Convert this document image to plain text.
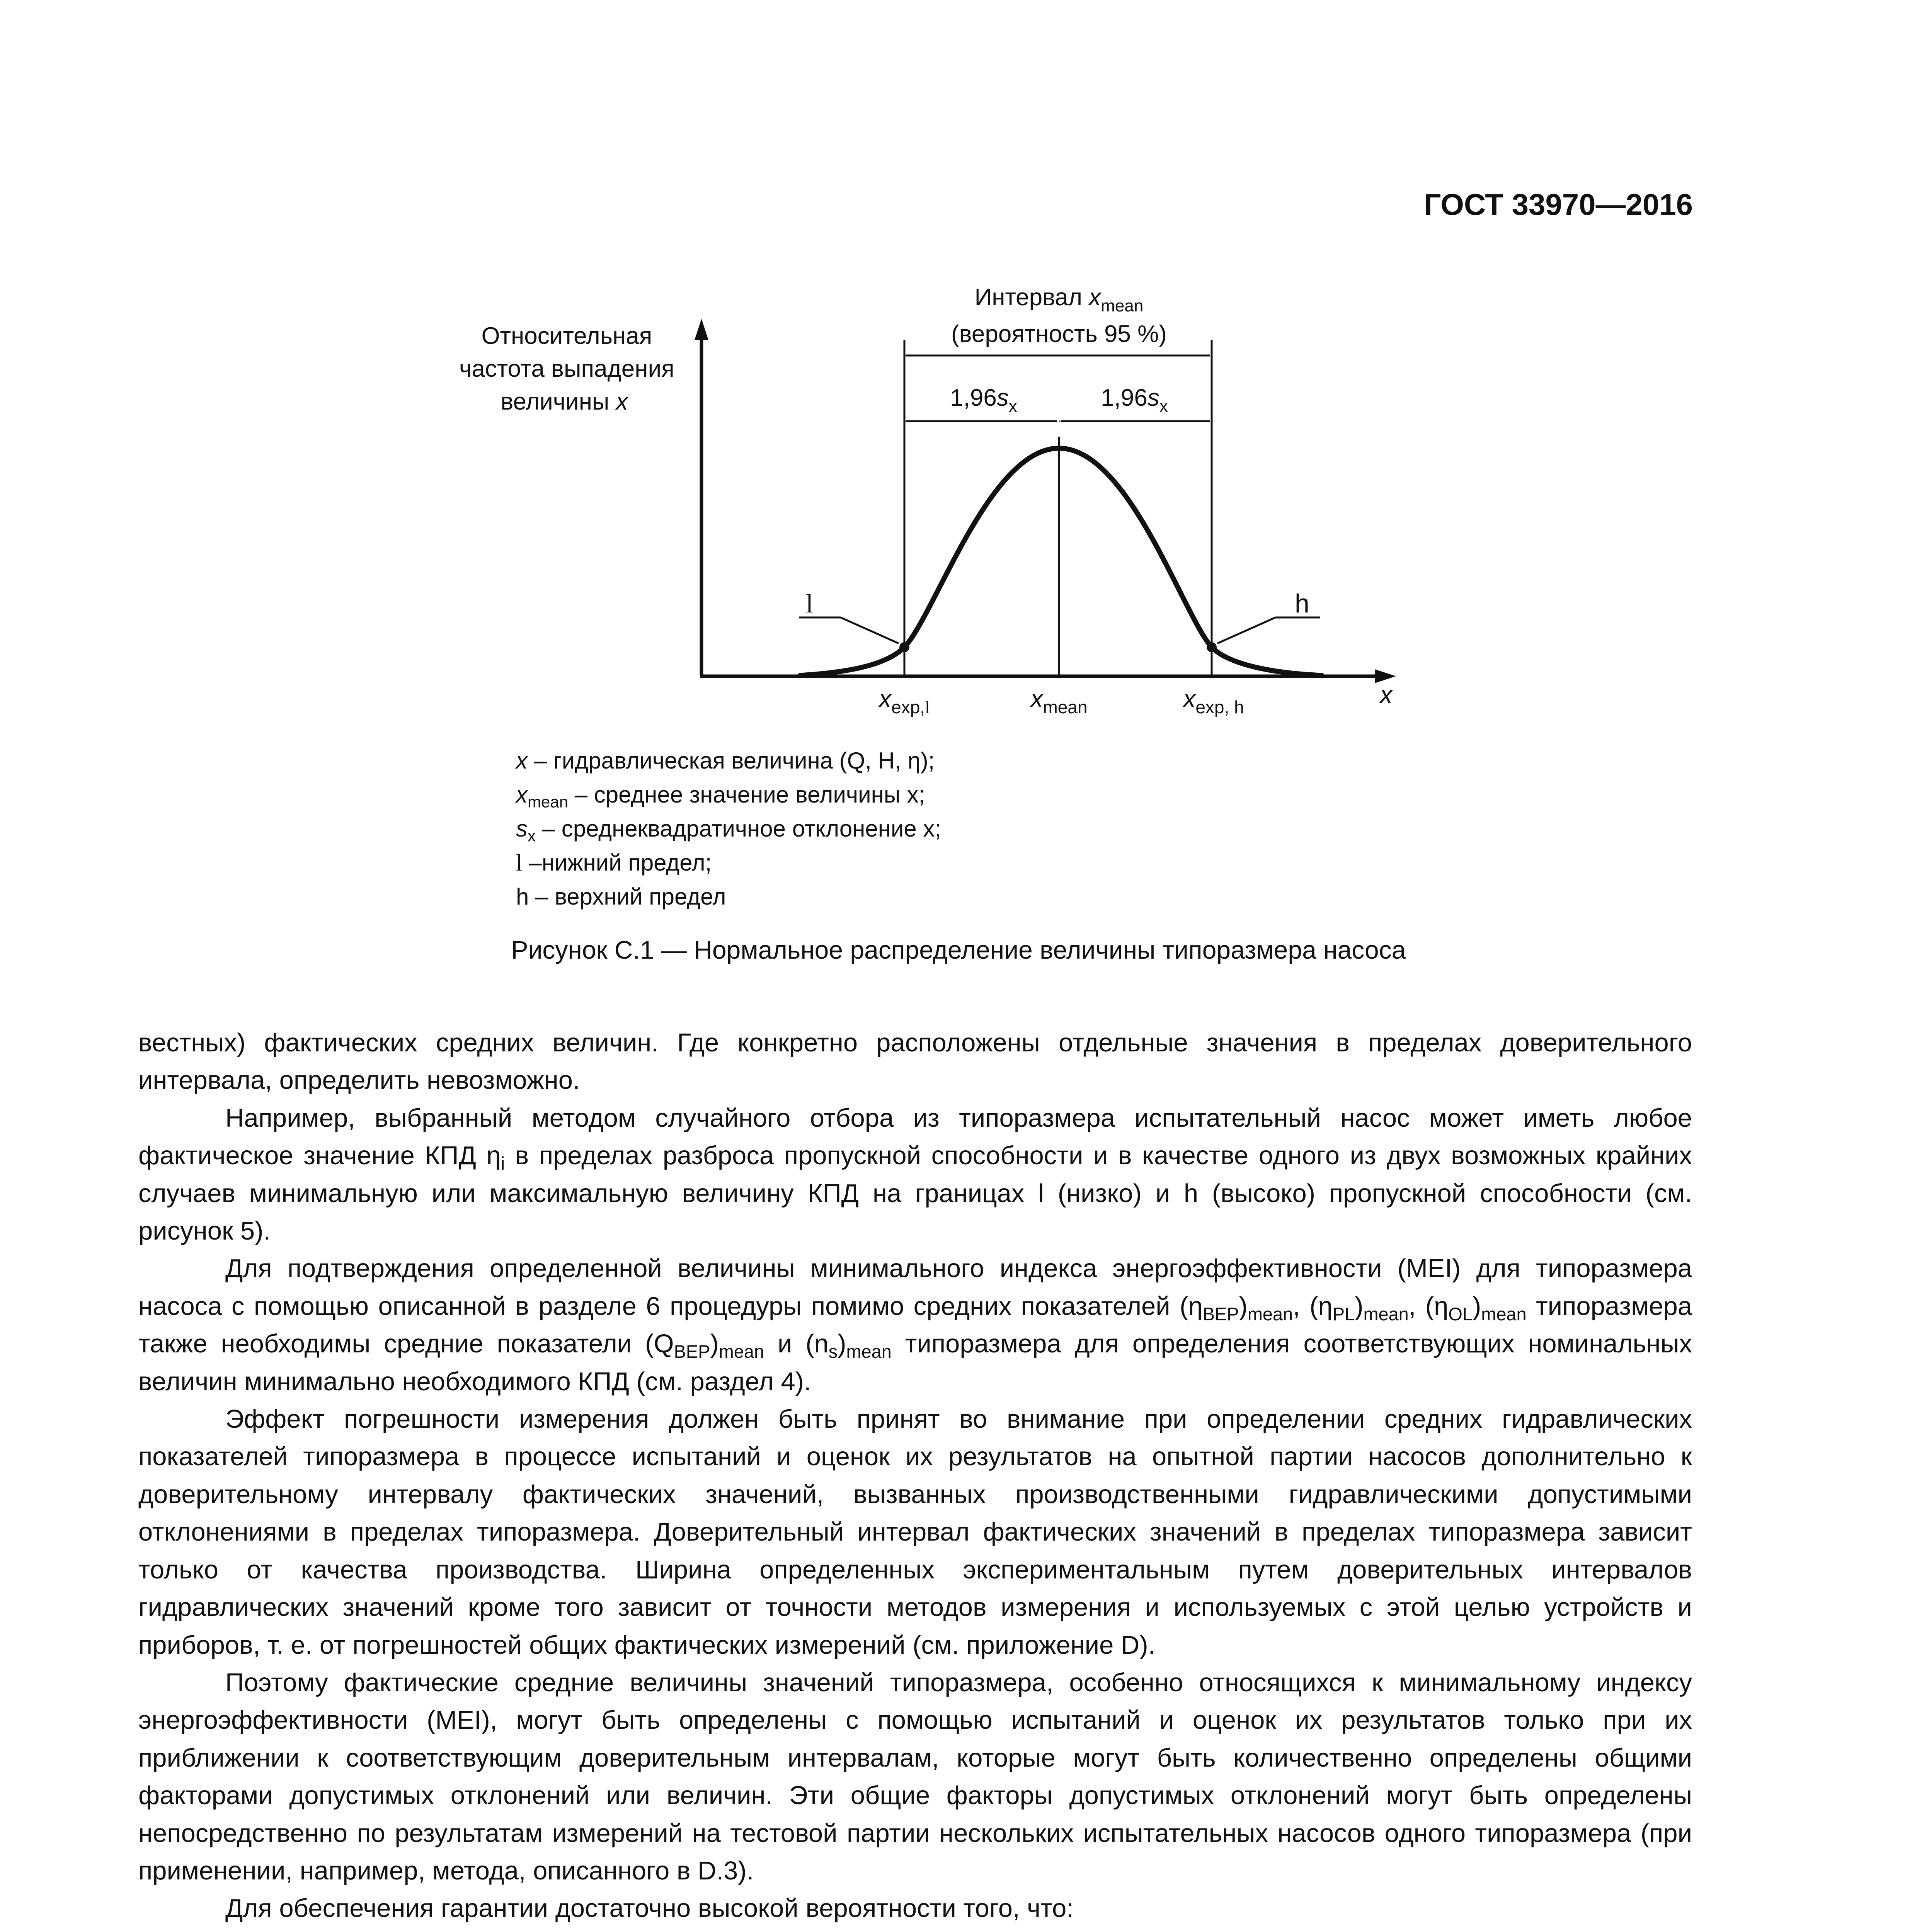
ГОСТ 33970—2016
Относительная частота выпадения величины x
Интервал $x_{mean}$
(вероятность 95 %)
$1,96s_x$	$1,96s_x$
l	h
$x_{exp,}l$	$x_{mean}$	$x_{exp, h}$	x
x – гидравлическая величина (Q, H, η);
$x_{mean}$ – среднее значение величины x;
$s_x$ – среднеквадратичное отклонение x;
l –нижний предел;
h – верхний предел
Рисунок С.1 — Нормальное распределение величины типоразмера насоса

вестных) фактических средних величин. Где конкретно расположены отдельные значения в пределах доверительного интервала, определить невозможно.

Например, выбранный методом случайного отбора из типоразмера испытательный насос может иметь любое фактическое значение КПД $\eta_i$ в пределах разброса пропускной способности и в качестве одного из двух возможных крайних случаев минимальную или максимальную величину КПД на границах l (низко) и h (высоко) пропускной способности (см. рисунок 5).

Для подтверждения определенной величины минимального индекса энергоэффективности (MEI) для типоразмера насоса с помощью описанной в разделе 6 процедуры помимо средних показателей $(\eta_{BEP})_{mean}$, $(\eta_{PL})_{mean}$, $(\eta_{OL})_{mean}$ типоразмера также необходимы средние показатели $(Q_{BEP})_{mean}$ и $(n_s)_{mean}$ типоразмера для определения соответствующих номинальных величин минимально необходимого КПД (см. раздел 4).

Эффект погрешности измерения должен быть принят во внимание при определении средних гидравлических показателей типоразмера в процессе испытаний и оценок их результатов на опытной партии насосов дополнительно к доверительному интервалу фактических значений, вызванных производственными гидравлическими допустимыми отклонениями в пределах типоразмера. Доверительный интервал фактических значений в пределах типоразмера зависит только от качества производства. Ширина определенных экспериментальным путем доверительных интервалов гидравлических значений кроме того зависит от точности методов измерения и используемых с этой целью устройств и приборов, т. е. от погрешностей общих фактических измерений (см. приложение D).

Поэтому фактические средние величины значений типоразмера, особенно относящихся к минимальному индексу энергоэффективности (MEI), могут быть определены с помощью испытаний и оценок их результатов только при их приближении к соответствующим доверительным интервалам, которые могут быть количественно определены общими факторами допустимых отклонений или величин. Эти общие факторы допустимых отклонений могут быть определены непосредственно по результатам измерений на тестовой партии нескольких испытательных насосов одного типоразмера (при применении, например, метода, описанного в D.3).

Для обеспечения гарантии достаточно высокой вероятности того, что:
